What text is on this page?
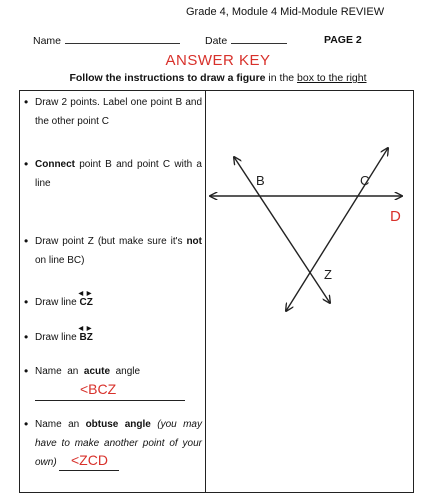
Grade 4, Module 4 Mid-Module REVIEW
Name	Date	PAGE 2
ANSWER KEY
Follow the instructions to draw a figure in the box to the right
• Draw 2 points. Label one point B and the other point C
• Connect point B and point C with a line
• Draw point Z (but make sure it's not on line BC)
• Draw line
◀ ▶
CZ
• Draw line
◀ ▶
BZ
• Name  an  acute  angle
<BCZ
• Name an obtuse angle (you may have to make another point of your own) <ZCD
B	C
D
Z
